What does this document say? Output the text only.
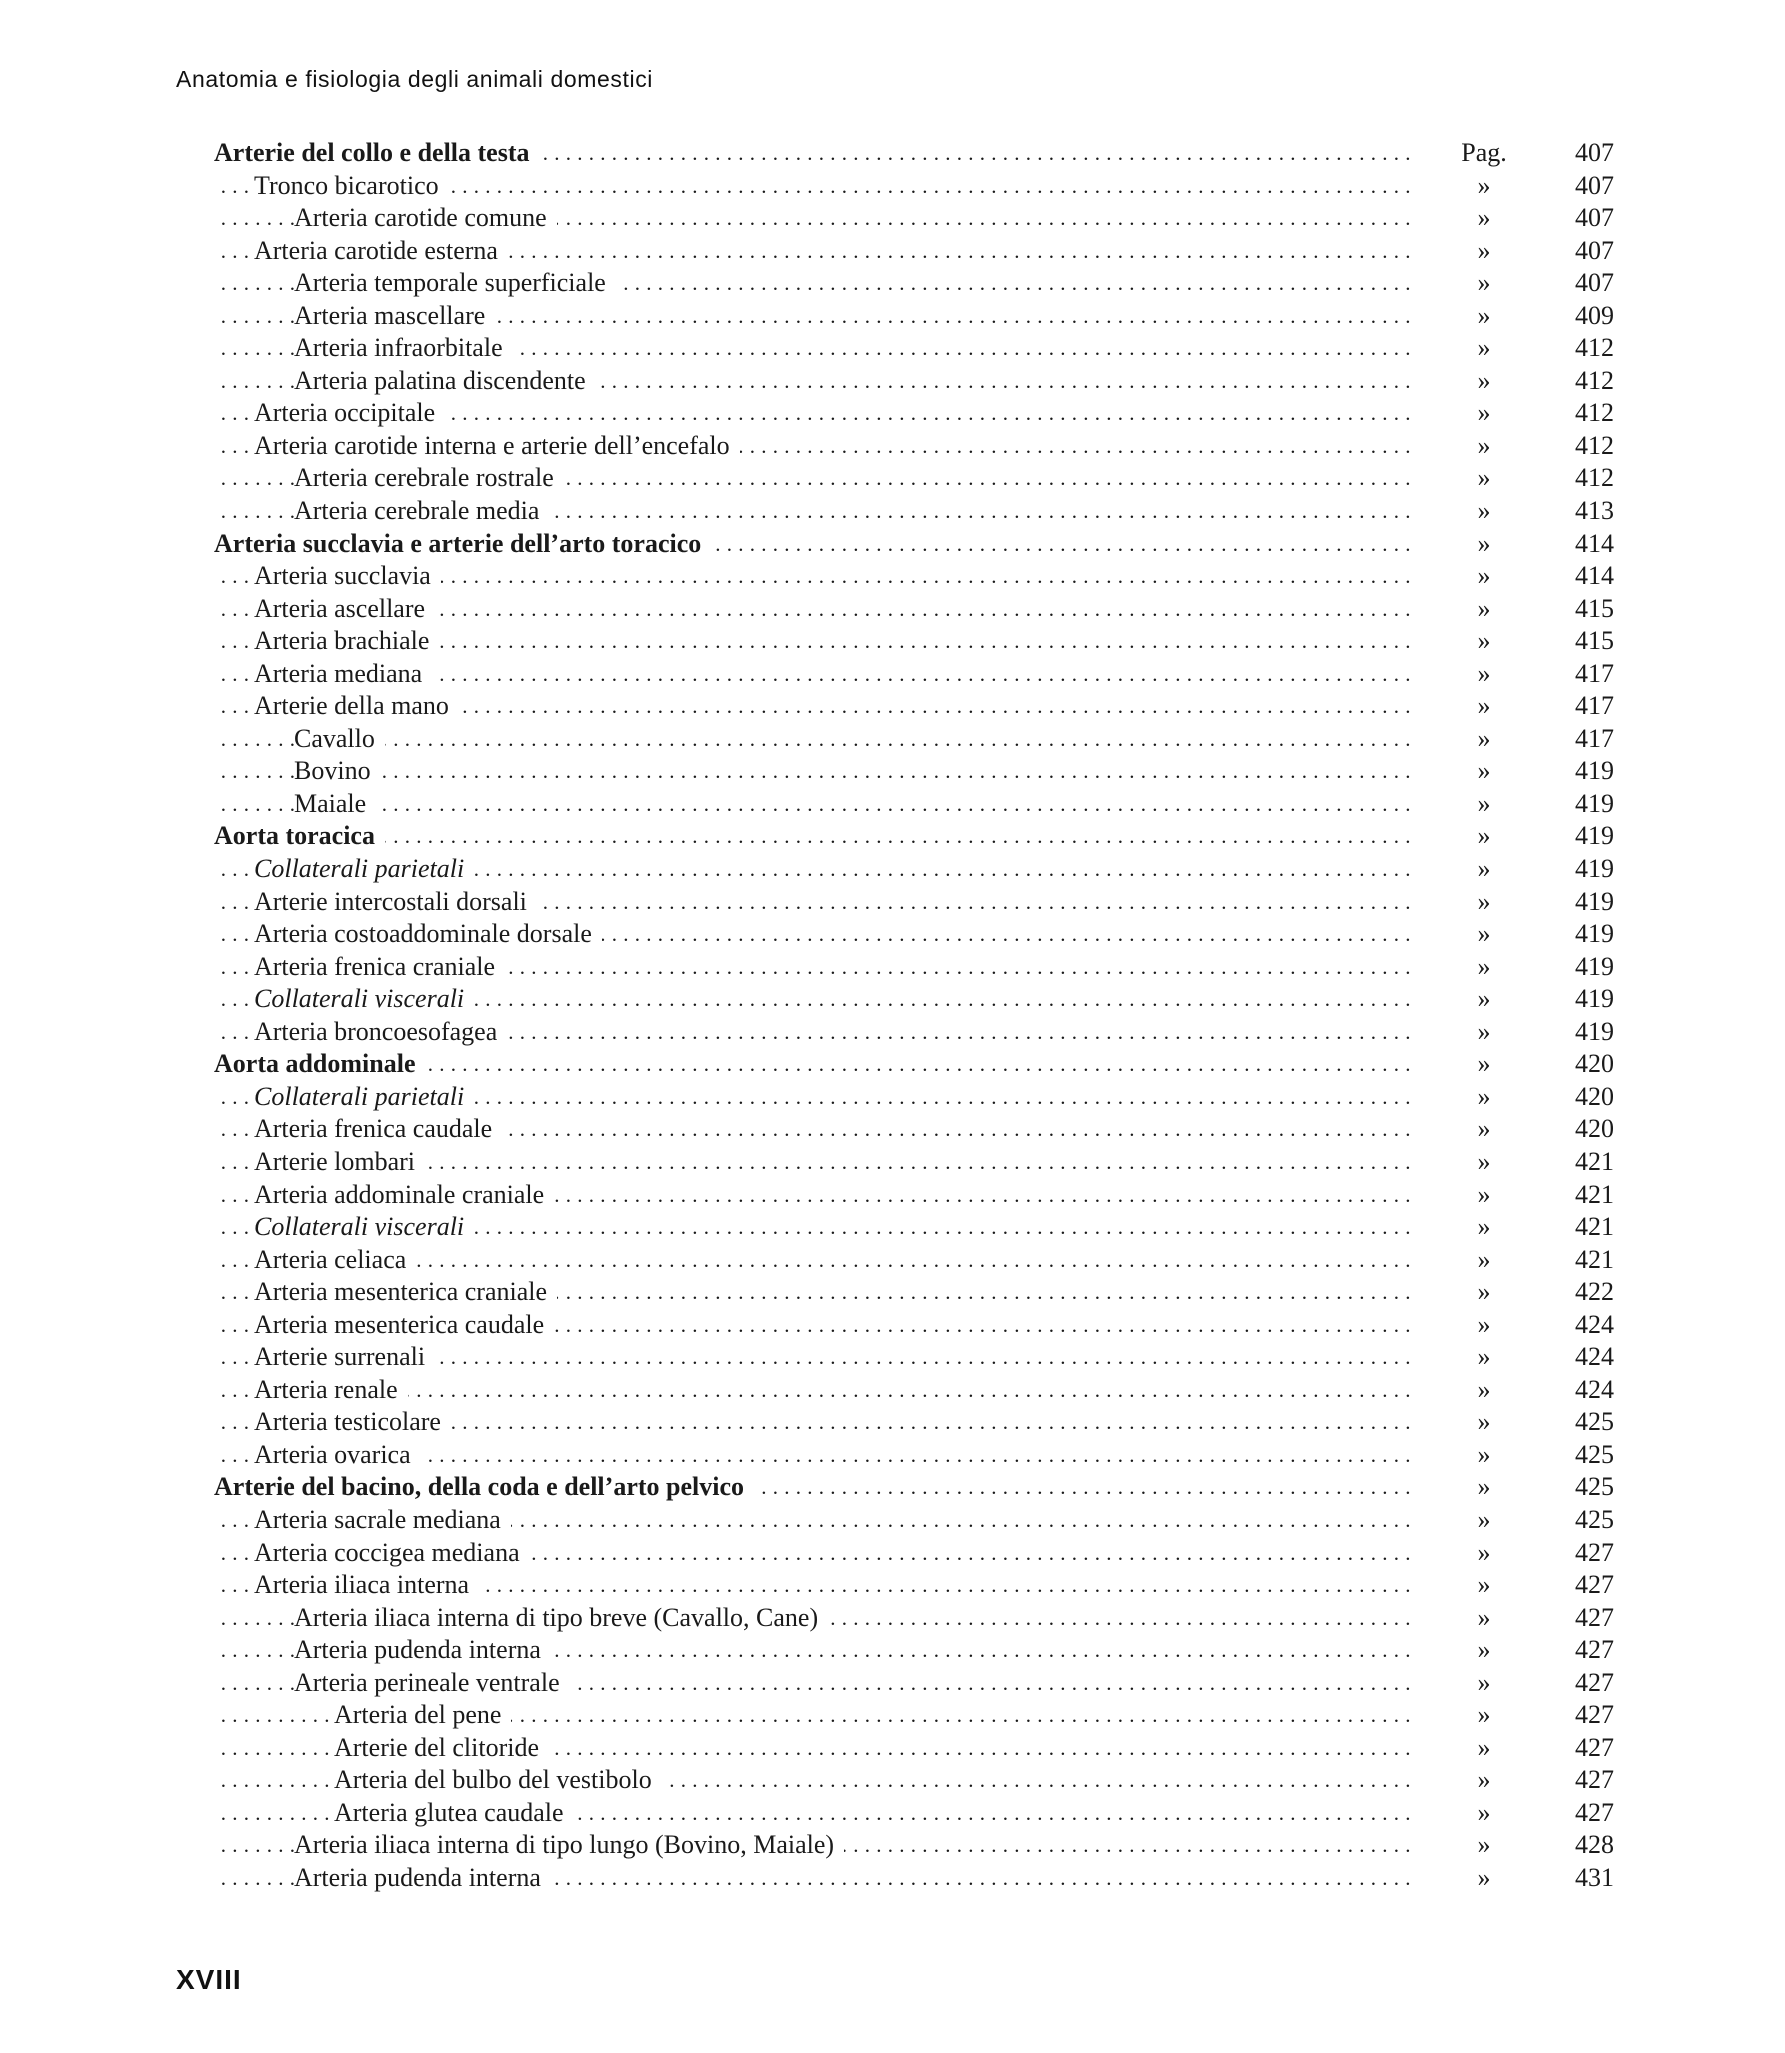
Anatomia e fisiologia degli animali domestici
Arterie del collo e della testa . . .	Pag.	407
Tronco bicarotico . . .	»	407
Arteria carotide comune . . .	»	407
Arteria carotide esterna . . .	»	407
Arteria temporale superficiale . . .	»	407
Arteria mascellare . . .	»	409
Arteria infraorbitale . . .	»	412
Arteria palatina discendente . . .	»	412
Arteria occipitale . . .	»	412
Arteria carotide interna e arterie dell’encefalo . . .	»	412
Arteria cerebrale rostrale . . .	»	412
Arteria cerebrale media . . .	»	413
Arteria succlavia e arterie dell’arto toracico . . .	»	414
Arteria succlavia . . .	»	414
Arteria ascellare . . .	»	415
Arteria brachiale . . .	»	415
Arteria mediana . . .	»	417
Arterie della mano . . .	»	417
Cavallo . . .	»	417
Bovino . . .	»	419
Maiale . . .	»	419
Aorta toracica . . .	»	419
Collaterali parietali . . .	»	419
Arterie intercostali dorsali . . .	»	419
Arteria costoaddominale dorsale . . .	»	419
Arteria frenica craniale . . .	»	419
Collaterali viscerali . . .	»	419
Arteria broncoesofagea . . .	»	419
Aorta addominale . . .	»	420
Collaterali parietali . . .	»	420
Arteria frenica caudale . . .	»	420
Arterie lombari . . .	»	421
Arteria addominale craniale . . .	»	421
Collaterali viscerali . . .	»	421
Arteria celiaca . . .	»	421
Arteria mesenterica craniale . . .	»	422
Arteria mesenterica caudale . . .	»	424
Arterie surrenali . . .	»	424
Arteria renale . . .	»	424
Arteria testicolare . . .	»	425
Arteria ovarica . . .	»	425
Arterie del bacino, della coda e dell’arto pelvico . . .	»	425
Arteria sacrale mediana . . .	»	425
Arteria coccigea mediana . . .	»	427
Arteria iliaca interna . . .	»	427
Arteria iliaca interna di tipo breve (Cavallo, Cane) . . .	»	427
Arteria pudenda interna . . .	»	427
Arteria perineale ventrale . . .	»	427
Arteria del pene . . .	»	427
Arterie del clitoride . . .	»	427
Arteria del bulbo del vestibolo . . .	»	427
Arteria glutea caudale . . .	»	427
Arteria iliaca interna di tipo lungo (Bovino, Maiale) . . .	»	428
Arteria pudenda interna . . .	»	431
XVIII
